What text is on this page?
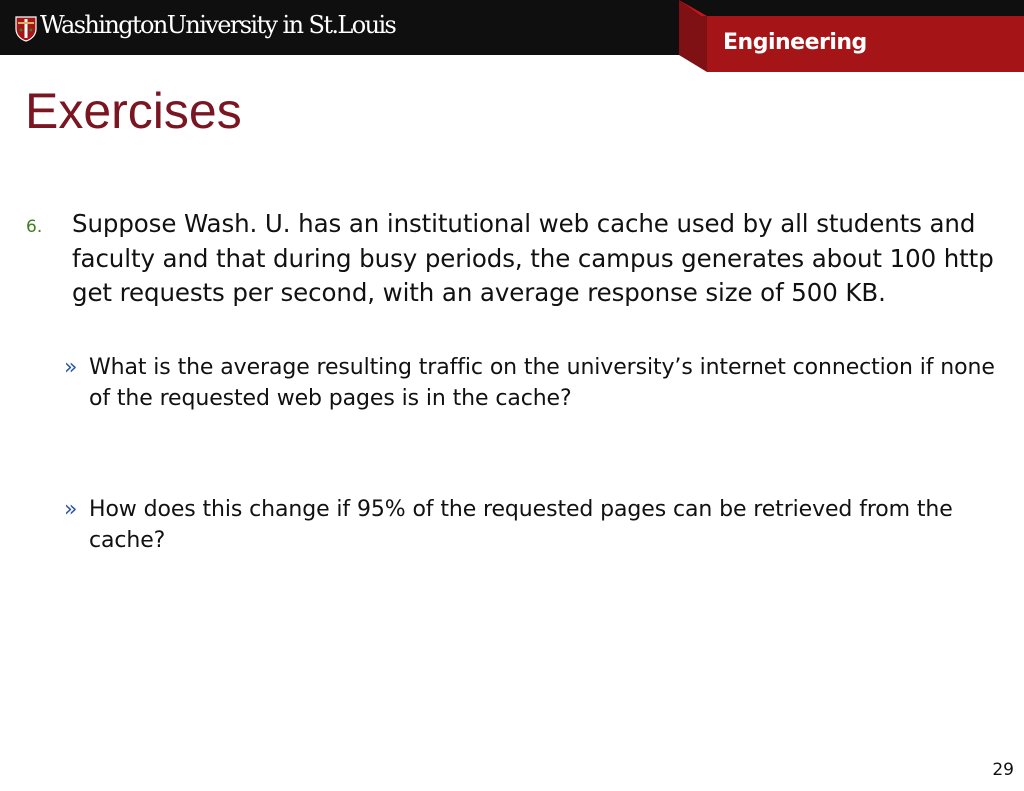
WashingtonUniversity in St.Louis
Engineering
Exercises
6. Suppose Wash. U. has an institutional web cache used by all students and faculty and that during busy periods, the campus generates about 100 http get requests per second, with an average response size of 500 KB.
» What is the average resulting traffic on the university’s internet connection if none of the requested web pages is in the cache?
» How does this change if 95% of the requested pages can be retrieved from the cache?
29
